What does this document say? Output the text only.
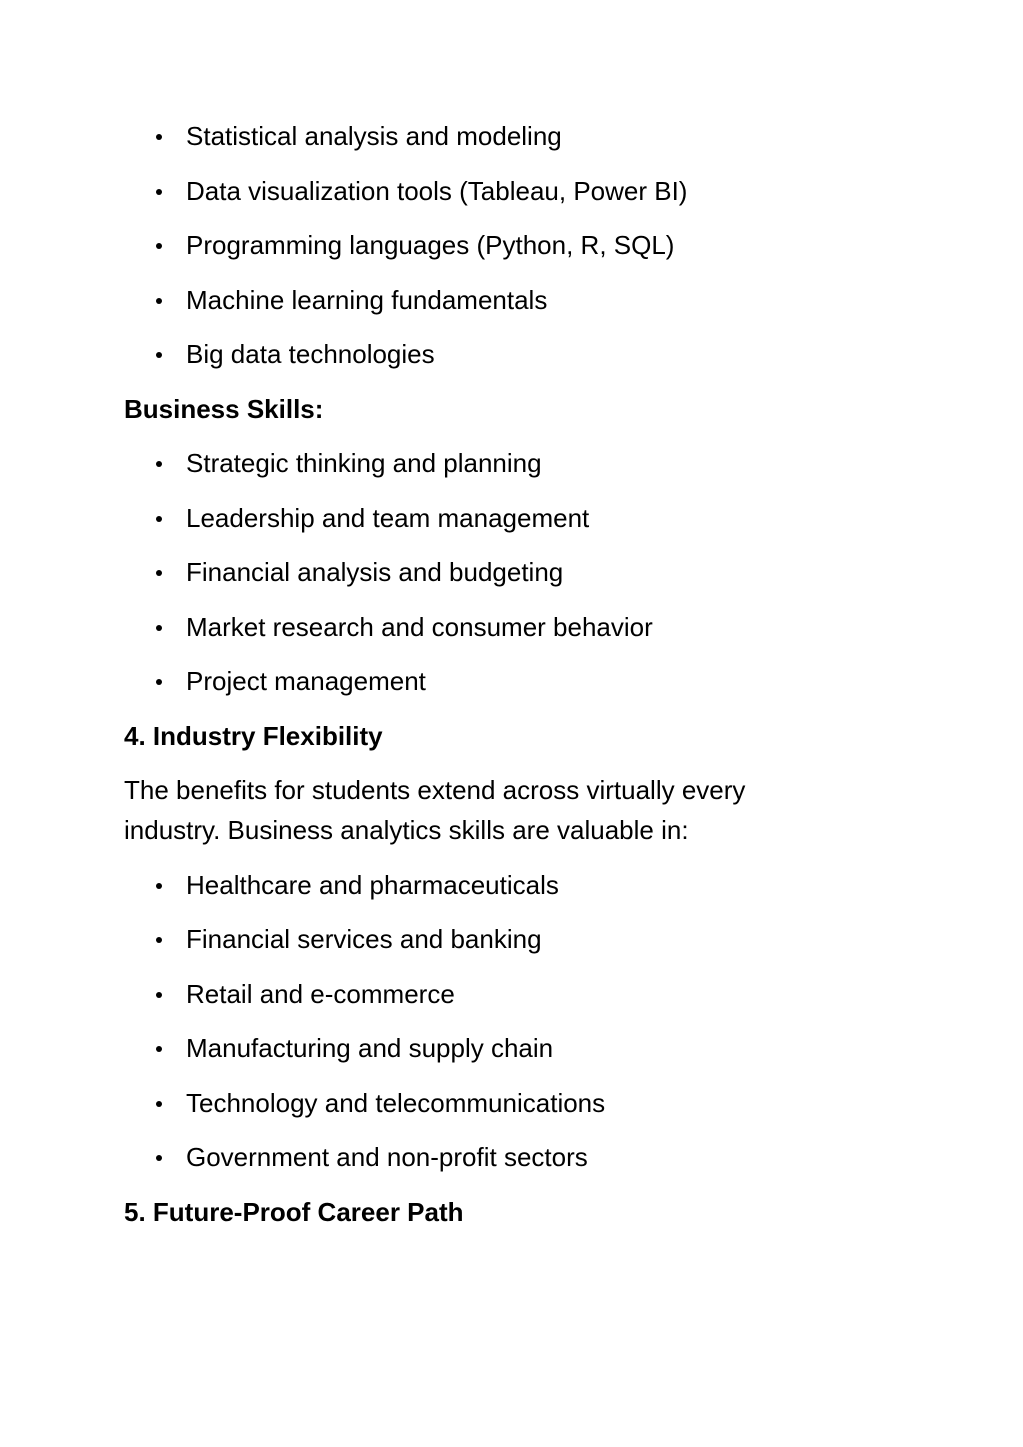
Statistical analysis and modeling
Data visualization tools (Tableau, Power BI)
Programming languages (Python, R, SQL)
Machine learning fundamentals
Big data technologies
Business Skills:
Strategic thinking and planning
Leadership and team management
Financial analysis and budgeting
Market research and consumer behavior
Project management
4. Industry Flexibility
The benefits for students extend across virtually every
industry. Business analytics skills are valuable in:
Healthcare and pharmaceuticals
Financial services and banking
Retail and e-commerce
Manufacturing and supply chain
Technology and telecommunications
Government and non-profit sectors
5. Future-Proof Career Path
